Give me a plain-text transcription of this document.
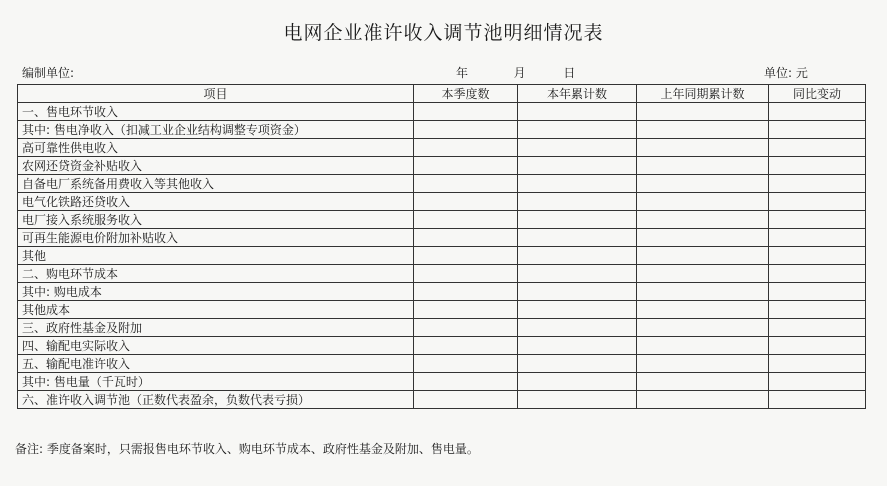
电网企业准许收入调节池明细情况表
编制单位:	年	月	日	单位: 元
项目	本季度数	本年累计数	上年同期累计数	同比变动
一、售电环节收入				
其中: 售电净收入（扣减工业企业结构调整专项资金）				
高可靠性供电收入				
农网还贷资金补贴收入				
自备电厂系统备用费收入等其他收入				
电气化铁路还贷收入				
电厂接入系统服务收入				
可再生能源电价附加补贴收入				
其他				
二、购电环节成本				
其中: 购电成本				
其他成本				
三、政府性基金及附加				
四、输配电实际收入				
五、输配电准许收入				
其中: 售电量（千瓦时）				
六、准许收入调节池（正数代表盈余，负数代表亏损）				
备注: 季度备案时，只需报售电环节收入、购电环节成本、政府性基金及附加、售电量。
